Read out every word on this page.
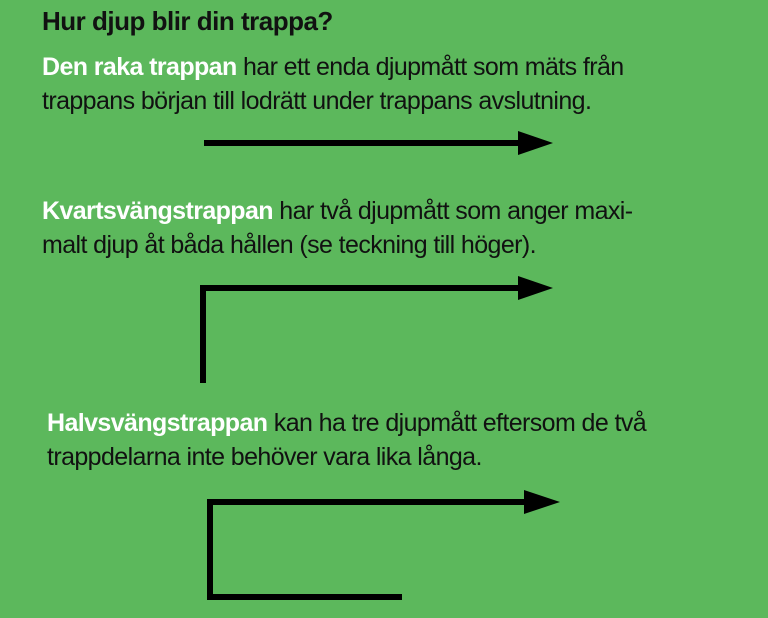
Hur djup blir din trappa?

Den raka trappan har ett enda djupmått som mäts från
trappans början till lodrätt under trappans avslutning.

Kvartsvängstrappan har två djupmått som anger maxi-
malt djup åt båda hållen (se teckning till höger).

Halvsvängstrappan kan ha tre djupmått eftersom de två
trappdelarna inte behöver vara lika långa.
